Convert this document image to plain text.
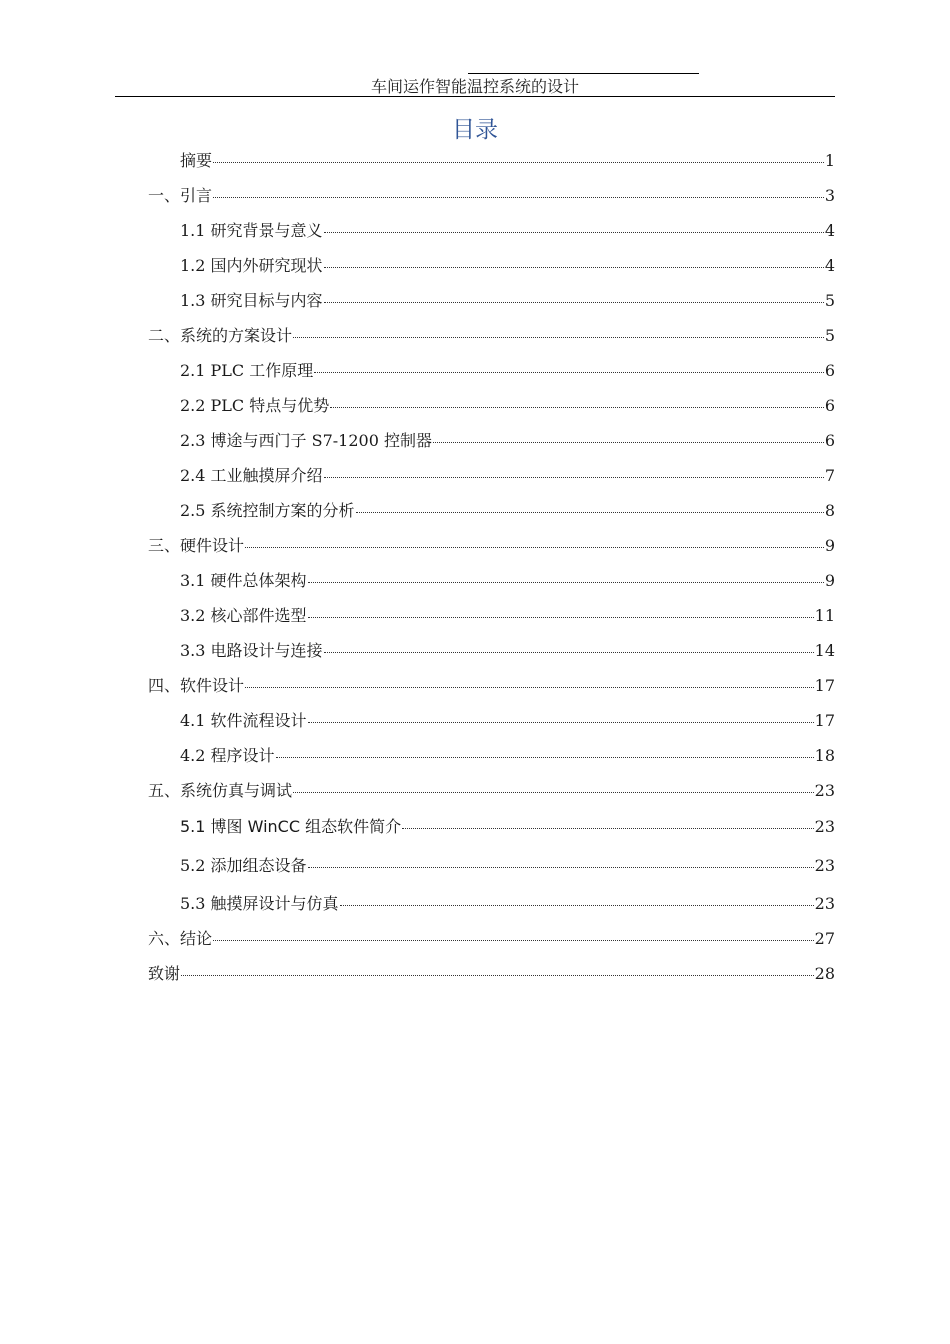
车间运作智能温控系统的设计
目录
摘要	1
一、引言	3
1.1 研究背景与意义	4
1.2 国内外研究现状	4
1.3 研究目标与内容	5
二、系统的方案设计	5
2.1 PLC 工作原理	6
2.2 PLC 特点与优势	6
2.3 博途与西门子 S7-1200 控制器	6
2.4 工业触摸屏介绍	7
2.5 系统控制方案的分析	8
三、硬件设计	9
3.1 硬件总体架构	9
3.2 核心部件选型	11
3.3 电路设计与连接	14
四、软件设计	17
4.1 软件流程设计	17
4.2 程序设计	18
五、系统仿真与调试	23
5.1 博图 WinCC 组态软件简介	23
5.2 添加组态设备	23
5.3 触摸屏设计与仿真	23
六、结论	27
致谢	28
